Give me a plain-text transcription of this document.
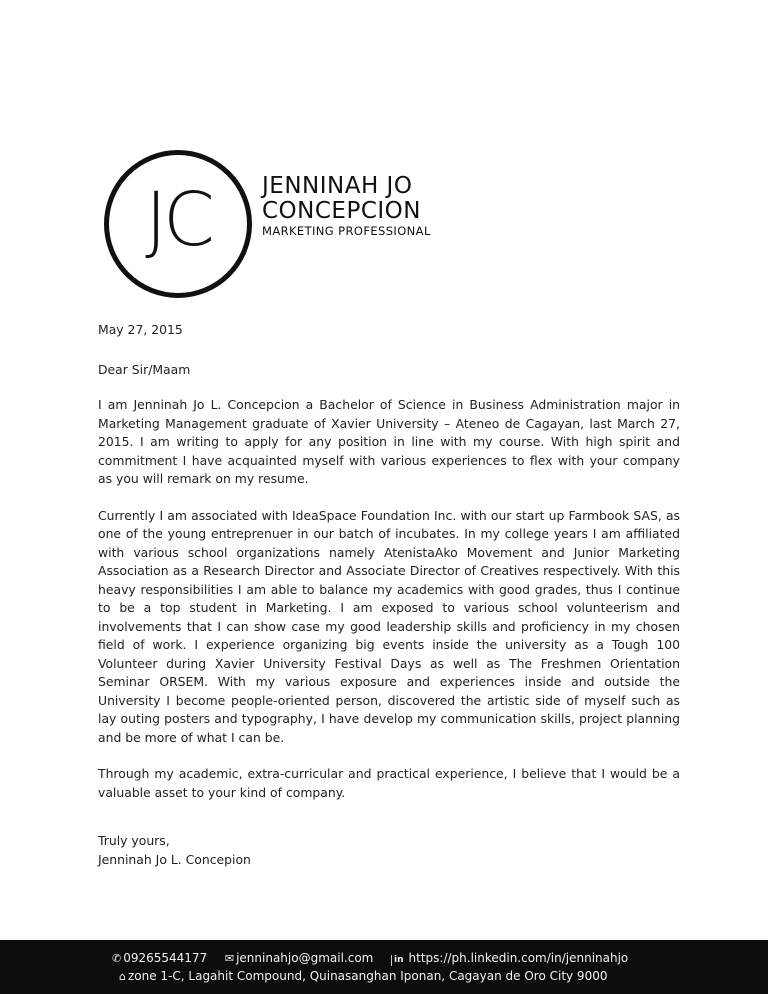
JC	JENNINAH JO
CONCEPCION
MARKETING PROFESSIONAL

May 27, 2015

Dear Sir/Maam

I am Jenninah Jo L. Concepcion a Bachelor of Science in Business Administration major in Marketing Management graduate of Xavier University – Ateneo de Cagayan, last March 27, 2015. I am writing to apply for any position in line with my course. With high spirit and commitment I have acquainted myself with various experiences to flex with your company as you will remark on my resume.

Currently I am associated with IdeaSpace Foundation Inc. with our start up Farmbook SAS, as one of the young entreprenuer in our batch of incubates. In my college years I am affiliated with various school organizations namely AtenistaAko Movement and Junior Marketing Association as a Research Director and Associate Director of Creatives respectively. With this heavy responsibilities I am able to balance my academics with good grades, thus I continue to be a top student in Marketing. I am exposed to various school volunteerism and involvements that I can show case my good leadership skills and proficiency in my chosen field of work. I experience organizing big events inside the university as a Tough 100 Volunteer during Xavier University Festival Days as well as The Freshmen Orientation Seminar ORSEM. With my various exposure and experiences inside and outside the University I become people-oriented person, discovered the artistic side of myself such as lay outing posters and typography, I have develop my communication skills, project planning and be more of what I can be.

Through my academic, extra-curricular and practical experience, I believe that I would be a valuable asset to your kind of company.

Truly yours,

Jenninah Jo L. Concepion

✆ 09265544177 ✉ jenninahjo@gmail.com in https://ph.linkedin.com/in/jenninahjo
⌂ zone 1-C, Lagahit Compound, Quinasanghan Iponan, Cagayan de Oro City 9000
